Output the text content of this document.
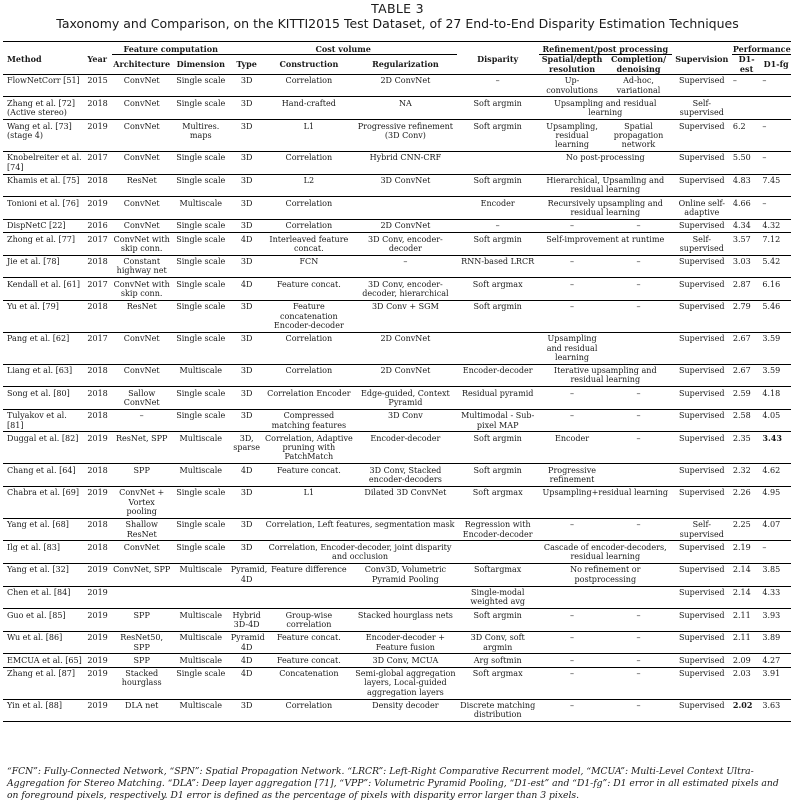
TABLE 3
Taxonomy and Comparison, on the KITTI2015 Test Dataset, of 27 End-to-End Disparity Estimation Techniques
Method	Year	Feature computation		Cost volume			Disparity	Refinement/post processing		Supervision	Performance	
		Architecture	Dimension	Type	Construction	Regularization		Spatial/depth resolution	Completion/ denoising		D1-est	D1-fg
FlowNetCorr [51]	2015	ConvNet	Single scale	3D	Correlation	2D ConvNet	–	Up-convolutions	Ad-hoc, variational	Supervised	–	–
Zhang et al. [72] (Active stereo)	2018	ConvNet	Single scale	3D	Hand-crafted	NA	Soft argmin	Upsampling and residual learning		Self-supervised		
Wang et al. [73] (stage 4)	2019	ConvNet	Multires. maps	3D	L1	Progressive refinement (3D Conv)	Soft argmin	Upsampling, residual learning	Spatial propagation network	Supervised	6.2	–
Knobelreiter et al. [74]	2017	ConvNet	Single scale	3D	Correlation	Hybrid CNN-CRF		No post-processing		Supervised	5.50	–
Khamis et al. [75]	2018	ResNet	Single scale	3D	L2	3D ConvNet	Soft argmin	Hierarchical, Upsamling and residual learning		Supervised	4.83	7.45
Tonioni et al. [76]	2019	ConvNet	Multiscale	3D	Correlation		Encoder	Recursively upsampling and residual learning		Online self-adaptive	4.66	–
DispNetC [22]	2016	ConvNet	Single scale	3D	Correlation	2D ConvNet	–	–	–	Supervised	4.34	4.32
Zhong et al. [77]	2017	ConvNet with skip conn.	Single scale	4D	Interleaved feature concat.	3D Conv, encoder-decoder	Soft argmin	Self-improvement at runtime		Self-supervised	3.57	7.12
Jie et al. [78]	2018	Constant highway net	Single scale	3D	FCN	–	RNN-based LRCR	–	–	Supervised	3.03	5.42
Kendall et al. [61]	2017	ConvNet with skip conn.	Single scale	4D	Feature concat.	3D Conv, encoder-decoder, hierarchical	Soft argmax	–	–	Supervised	2.87	6.16
Yu et al. [79]	2018	ResNet	Single scale	3D	Feature concatenation Encoder-decoder	3D Conv + SGM	Soft argmin	–	–	Supervised	2.79	5.46
Pang et al. [62]	2017	ConvNet	Single scale	3D	Correlation	2D ConvNet		Upsampling and residual learning		Supervised	2.67	3.59
Liang et al. [63]	2018	ConvNet	Multiscale	3D	Correlation	2D ConvNet	Encoder-decoder	Iterative upsampling and residual learning		Supervised	2.67	3.59
Song et al. [80]	2018	Sallow ConvNet	Single scale	3D	Correlation Encoder	Edge-guided, Context Pyramid	Residual pyramid	–	–	Supervised	2.59	4.18
Tulyakov et al. [81]	2018	–	Single scale	3D	Compressed matching features	3D Conv	Multimodal - Sub-pixel MAP	–	–	Supervised	2.58	4.05
Duggal et al. [82]	2019	ResNet, SPP	Multiscale	3D, sparse	Correlation, Adaptive pruning with PatchMatch	Encoder-decoder	Soft argmin	Encoder	–	Supervised	2.35	3.43
Chang et al. [64]	2018	SPP	Multiscale	4D	Feature concat.	3D Conv, Stacked encoder-decoders	Soft argmin	Progressive refinement		Supervised	2.32	4.62
Chabra et al. [69]	2019	ConvNet + Vortex pooling	Single scale	3D	L1	Dilated 3D ConvNet	Soft argmax	Upsampling+residual learning		Supervised	2.26	4.95
Yang et al. [68]	2018	Shallow ResNet	Single scale	3D	Correlation, Left features, segmentation mask		Regression with Encoder-decoder	–	–	Self-supervised	2.25	4.07
Ilg et al. [83]	2018	ConvNet	Single scale	3D	Correlation, Encoder-decoder, joint disparity and occlusion			Cascade of encoder-decoders, residual learning		Supervised	2.19	–
Yang et al. [32]	2019	ConvNet, SPP	Multiscale	Pyramid, 4D	Feature difference	Conv3D, Volumetric Pyramid Pooling	Softargmax	No refinement or postprocessing		Supervised	2.14	3.85
Chen et al. [84]	2019						Single-modal weighted avg			Supervised	2.14	4.33
Guo et al. [85]	2019	SPP	Multiscale	Hybrid 3D-4D	Group-wise correlation	Stacked hourglass nets	Soft argmin	–	–	Supervised	2.11	3.93
Wu et al. [86]	2019	ResNet50, SPP	Multiscale	Pyramid 4D	Feature concat.	Encoder-decoder + Feature fusion	3D Conv, soft argmin	–	–	Supervised	2.11	3.89
EMCUA et al. [65]	2019	SPP	Multiscale	4D	Feature concat.	3D Conv, MCUA	Arg softmin	–	–	Supervised	2.09	4.27
Zhang et al. [87]	2019	Stacked hourglass	Single scale	4D	Concatenation	Semi-global aggregation layers, Local-guided aggregation layers	Soft argmax	–	–	Supervised	2.03	3.91
Yin et al. [88]	2019	DLA net	Multiscale	3D	Correlation	Density decoder	Discrete matching distribution	–	–	Supervised	2.02	3.63
“FCN”: Fully-Connected Network, “SPN”: Spatial Propagation Network. “LRCR”: Left-Right Comparative Recurrent model, “MCUA”: Multi-Level Context Ultra-Aggregation for Stereo Matching. “DLA”: Deep layer aggregation [71], “VPP”: Volumetric Pyramid Pooling, “D1-est” and “D1-fg”: D1 error in all estimated pixels and on foreground pixels, respectively. D1 error is defined as the percentage of pixels with disparity error larger than 3 pixels.
